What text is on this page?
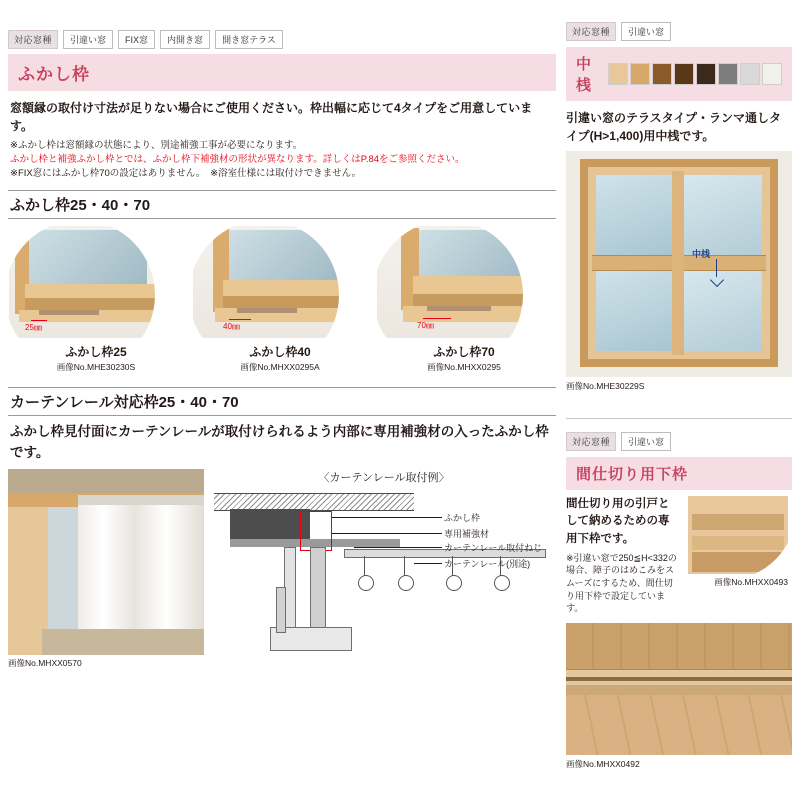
対応窓種	引違い窓	FIX窓	内開き窓	開き窓テラス
ふかし枠
窓額縁の取付け寸法が足りない場合にご使用ください。枠出幅に応じて4タイプをご用意しています。
※ふかし枠は窓額縁の状態により、別途補強工事が必要になります。
ふかし枠と補強ふかし枠とでは、ふかし枠下補強材の形状が異なります。詳しくはP.84をご参照ください。
※FIX窓にはふかし枠70の設定はありません。　※浴室仕様には取付けできません。
ふかし枠25・40・70
25㎜
ふかし枠25
画像No.MHE30230S
40㎜
ふかし枠40
画像No.MHXX0295A
70㎜
ふかし枠70
画像No.MHXX0295
カーテンレール対応枠25・40・70
ふかし枠見付面にカーテンレールが取付けられるよう内部に専用補強材の入ったふかし枠です。
画像No.MHXX0570
〈カーテンレール取付例〉
ふかし枠
専用補強材
カーテンレール取付ねじ
カーテンレール(別途)
対応窓種	引違い窓
中桟
引違い窓のテラスタイプ・ランマ通しタイプ(H>1,400)用中桟です。
中桟
画像No.MHE30229S
対応窓種	引違い窓
間仕切り用下枠
間仕切り用の引戸として納めるための専用下枠です。
※引違い窓で250≦H<332の場合、障子のはめこみをスムーズにするため、間仕切り用下枠で設定しています。
画像No.MHXX0493
画像No.MHXX0492
